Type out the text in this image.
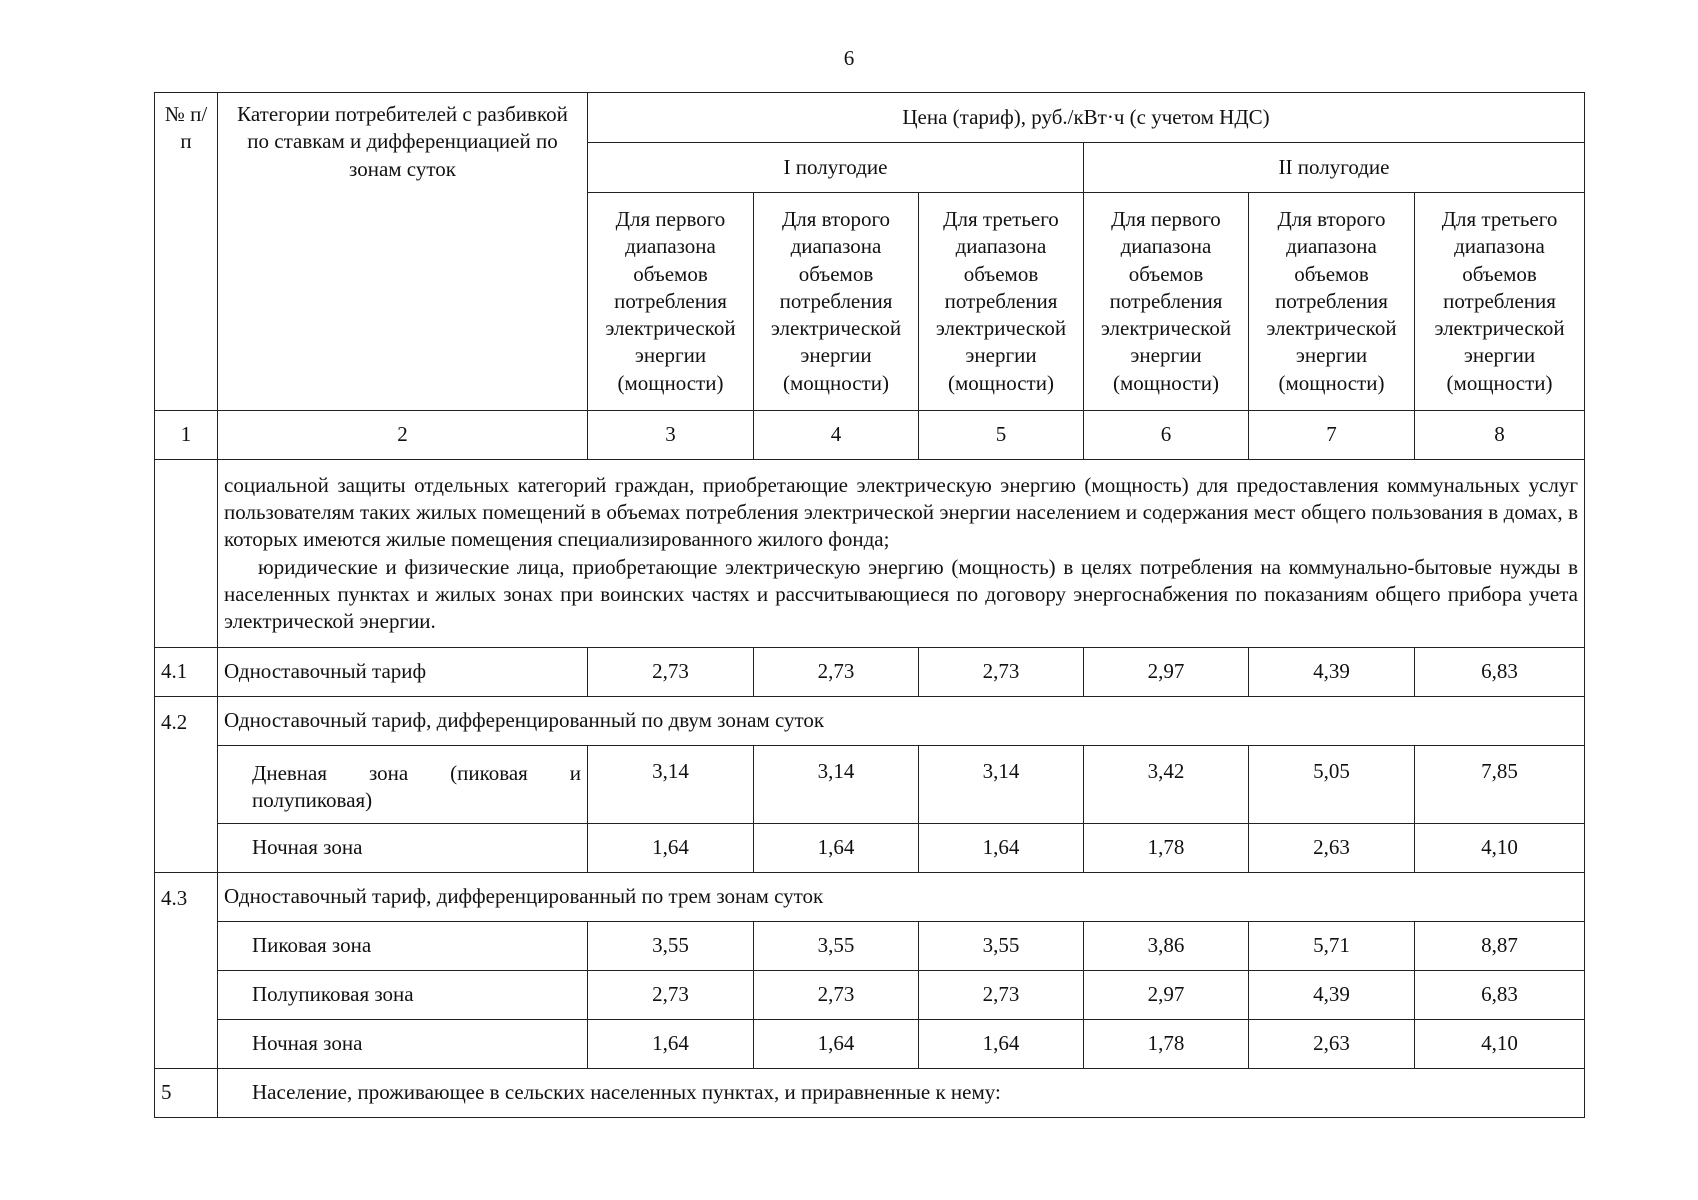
6
№ п/п	Категории потребителей с разбивкой по ставкам и дифференциацией по зонам суток	Цена (тариф), руб./кВт·ч (с учетом НДС)					
		I полугодие			II полугодие		
		Для первого диапазона объемов потребления электрической энергии (мощности)	Для второго диапазона объемов потребления электрической энергии (мощности)	Для третьего диапазона объемов потребления электрической энергии (мощности)	Для первого диапазона объемов потребления электрической энергии (мощности)	Для второго диапазона объемов потребления электрической энергии (мощности)	Для третьего диапазона объемов потребления электрической энергии (мощности)
1	2	3	4	5	6	7	8

	социальной защиты отдельных категорий граждан, приобретающие электрическую энергию (мощность) для предоставления коммунальных услуг пользователям таких жилых помещений в объемах потребления электрической энергии населением и содержания мест общего пользования в домах, в которых имеются жилые помещения специализированного жилого фонда;

юридические и физические лица, приобретающие электрическую энергию (мощность) в целях потребления на коммунально-бытовые нужды в населенных пунктах и жилых зонах при воинских частях и рассчитывающиеся по договору энергоснабжения по показаниям общего прибора учета электрической энергии.						

4.1	Одноставочный тариф	2,73	2,73	2,73	2,97	4,39	6,83
4.2	Одноставочный тариф, дифференцированный по двум зонам суток						

	Дневная зона (пиковая и полупиковая)	3,14	3,14	3,14	3,42	5,05	7,85
	Ночная зона	1,64	1,64	1,64	1,78	2,63	4,10
4.3	Одноставочный тариф, дифференцированный по трем зонам суток						
	Пиковая зона	3,55	3,55	3,55	3,86	5,71	8,87
	Полупиковая зона	2,73	2,73	2,73	2,97	4,39	6,83
	Ночная зона	1,64	1,64	1,64	1,78	2,63	4,10
5	Население, проживающее в сельских населенных пунктах, и приравненные к нему:						
